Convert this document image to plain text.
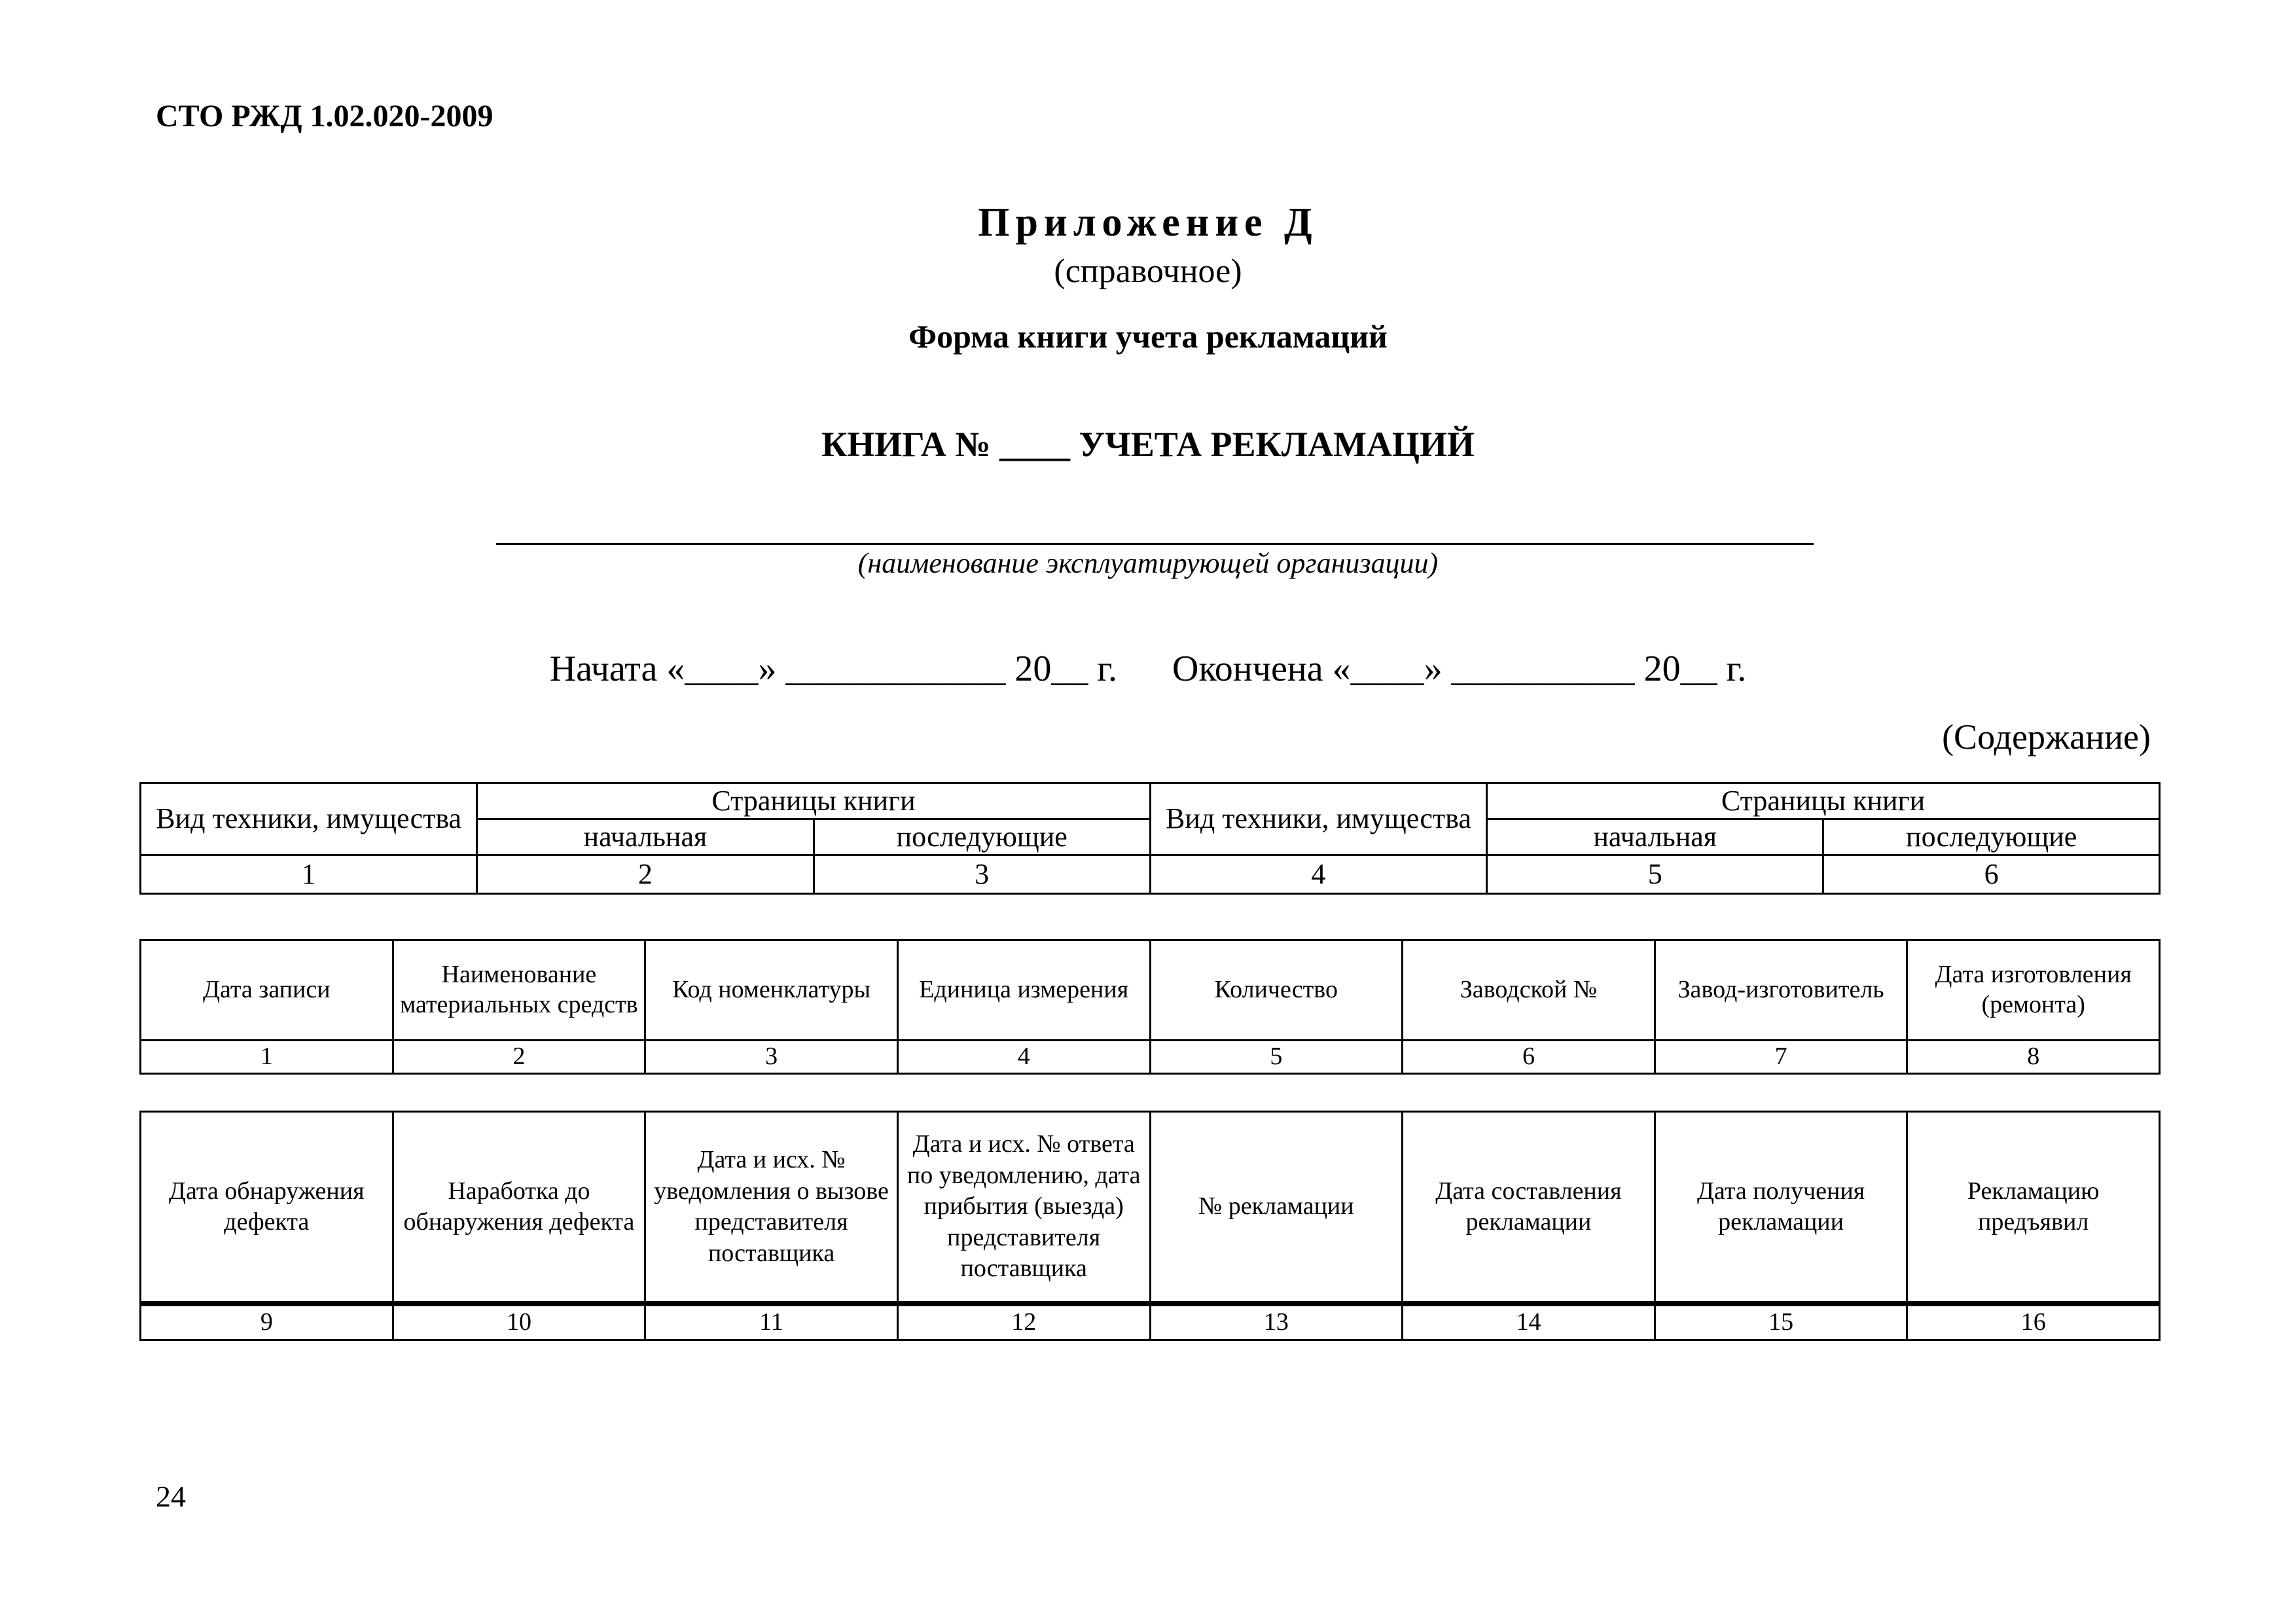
СТО РЖД 1.02.020-2009
Приложение Д
(справочное)
Форма книги учета рекламаций
КНИГА № ____ УЧЕТА РЕКЛАМАЦИЙ
(наименование эксплуатирующей организации)
Начата «____» ____________ 20__ г. Окончена «____» __________ 20__ г.
(Содержание)
Вид техники, имущества	Страницы книги		Вид техники, имущества	Страницы книги	
	начальная	последующие		начальная	последующие
1	2	3	4	5	6
Дата записи	Наименование материальных средств	Код номенклатуры	Единица измерения	Количество	Заводской №	Завод-изготовитель	Дата изготовления (ремонта)
1	2	3	4	5	6	7	8
Дата обнаружения дефекта	Наработка до обнаружения дефекта	Дата и исх. № уведомления о вызове представителя поставщика	Дата и исх. № ответа по уведомлению, дата прибытия (выезда) представителя поставщика	№ рекламации	Дата составления рекламации	Дата получения рекламации	Рекламацию предъявил
9	10	11	12	13	14	15	16
24
